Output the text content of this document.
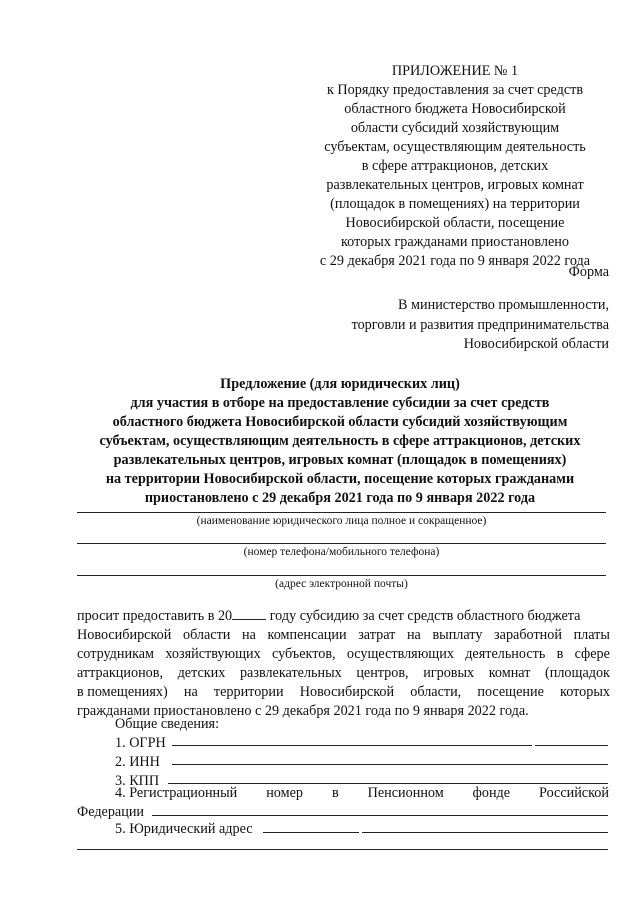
ПРИЛОЖЕНИЕ № 1
к Порядку предоставления за счет средств
областного бюджета Новосибирской
области субсидий хозяйствующим
субъектам, осуществляющим деятельность
в сфере аттракционов, детских
развлекательных центров, игровых комнат
(площадок в помещениях) на территории
Новосибирской области, посещение
которых гражданами приостановлено
с 29 декабря 2021 года по 9 января 2022 года
Форма
В министерство промышленности,
торговли и развития предпринимательства
Новосибирской области
Предложение (для юридических лиц)
для участия в отборе на предоставление субсидии за счет средств
областного бюджета Новосибирской области субсидий хозяйствующим
субъектам, осуществляющим деятельность в сфере аттракционов, детских
развлекательных центров, игровых комнат (площадок в помещениях)
на территории Новосибирской области, посещение которых гражданами
приостановлено с 29 декабря 2021 года по 9 января 2022 года
(наименование юридического лица полное и сокращенное)
(номер телефона/мобильного телефона)
(адрес электронной почты)
просит предоставить в 20 году субсидию за счет средств областного бюджета
Новосибирской области на компенсации затрат на выплату заработной платы
сотрудникам хозяйствующих субъектов, осуществляющих деятельность в сфере
аттракционов, детских развлекательных центров, игровых комнат (площадок
в помещениях) на территории Новосибирской области, посещение которых
гражданами приостановлено с 29 декабря 2021 года по 9 января 2022 года.
Общие сведения:
1. ОГРН
2. ИНН
3. КПП
4. Регистрационный номер в Пенсионном фонде Российской
Федерации
5. Юридический адрес
